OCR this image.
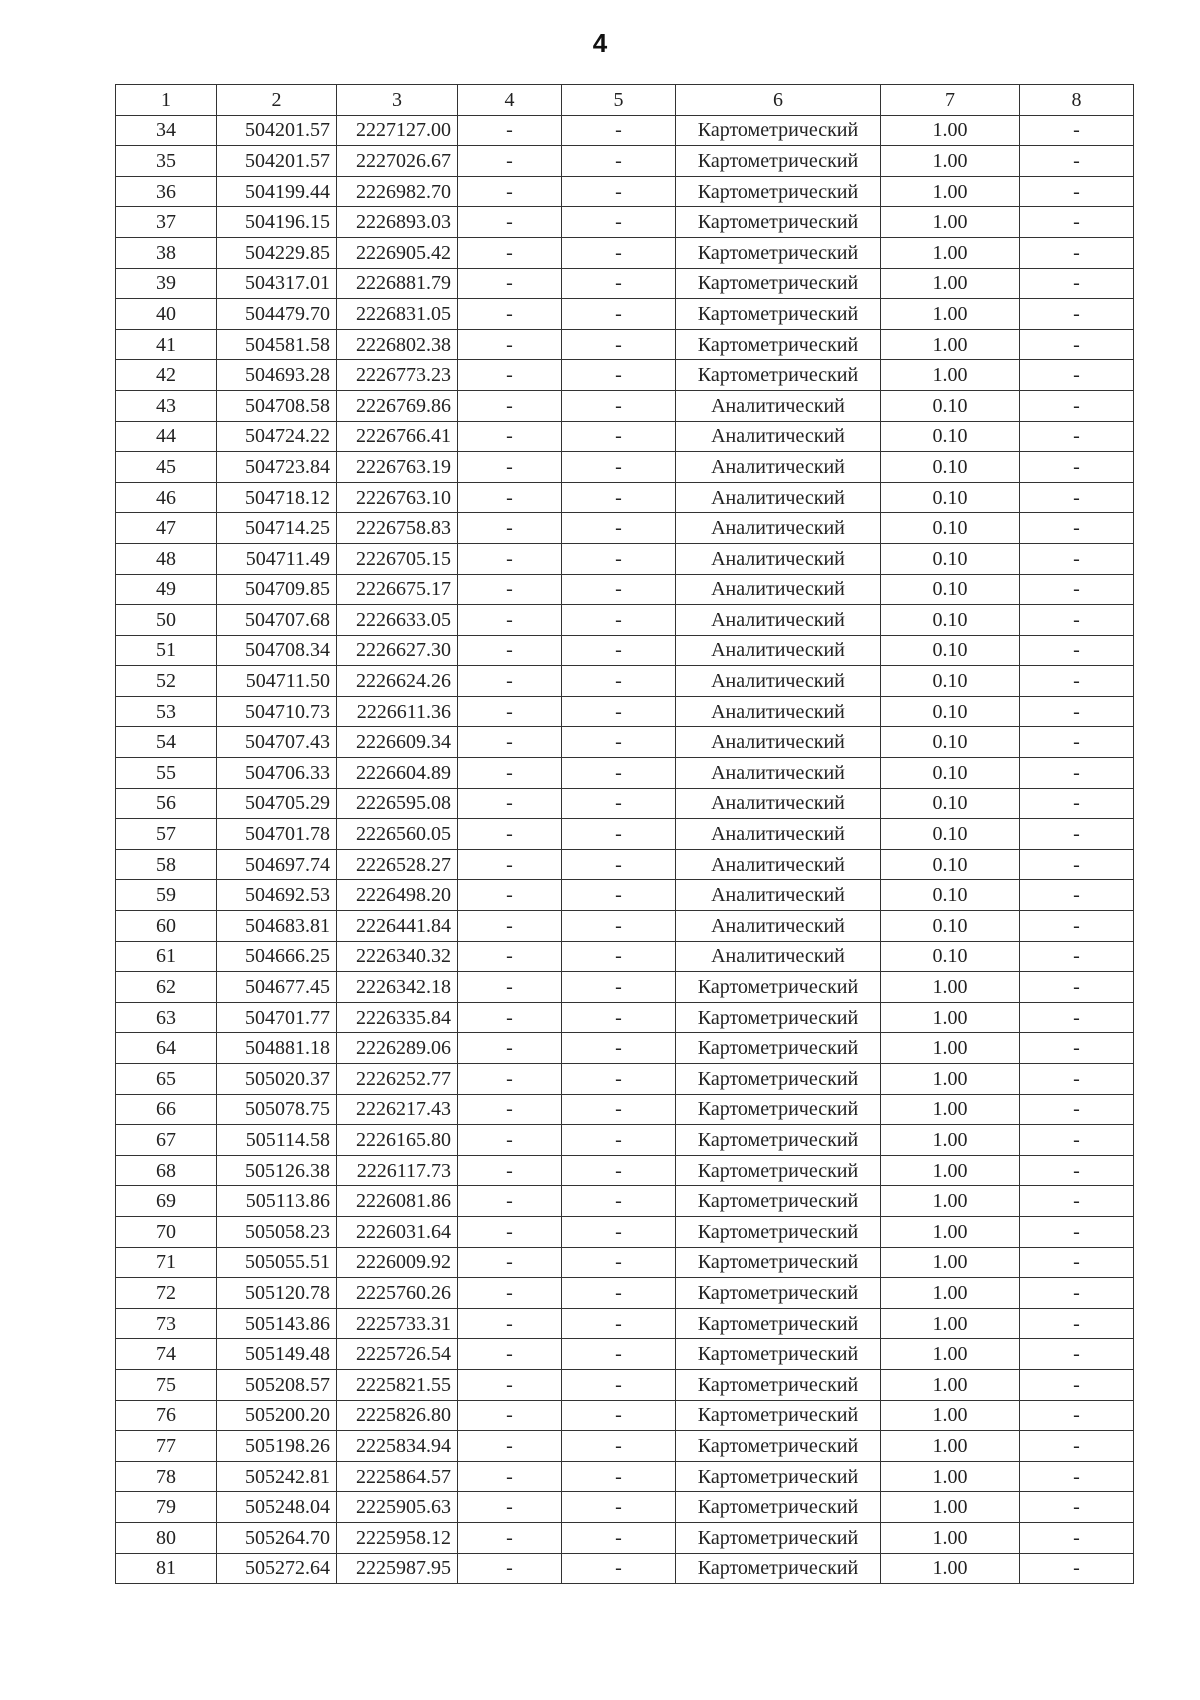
4
1	2	3	4	5	6	7	8
34	504201.57	2227127.00	-	-	Картометрический	1.00	-
35	504201.57	2227026.67	-	-	Картометрический	1.00	-
36	504199.44	2226982.70	-	-	Картометрический	1.00	-
37	504196.15	2226893.03	-	-	Картометрический	1.00	-
38	504229.85	2226905.42	-	-	Картометрический	1.00	-
39	504317.01	2226881.79	-	-	Картометрический	1.00	-
40	504479.70	2226831.05	-	-	Картометрический	1.00	-
41	504581.58	2226802.38	-	-	Картометрический	1.00	-
42	504693.28	2226773.23	-	-	Картометрический	1.00	-
43	504708.58	2226769.86	-	-	Аналитический	0.10	-
44	504724.22	2226766.41	-	-	Аналитический	0.10	-
45	504723.84	2226763.19	-	-	Аналитический	0.10	-
46	504718.12	2226763.10	-	-	Аналитический	0.10	-
47	504714.25	2226758.83	-	-	Аналитический	0.10	-
48	504711.49	2226705.15	-	-	Аналитический	0.10	-
49	504709.85	2226675.17	-	-	Аналитический	0.10	-
50	504707.68	2226633.05	-	-	Аналитический	0.10	-
51	504708.34	2226627.30	-	-	Аналитический	0.10	-
52	504711.50	2226624.26	-	-	Аналитический	0.10	-
53	504710.73	2226611.36	-	-	Аналитический	0.10	-
54	504707.43	2226609.34	-	-	Аналитический	0.10	-
55	504706.33	2226604.89	-	-	Аналитический	0.10	-
56	504705.29	2226595.08	-	-	Аналитический	0.10	-
57	504701.78	2226560.05	-	-	Аналитический	0.10	-
58	504697.74	2226528.27	-	-	Аналитический	0.10	-
59	504692.53	2226498.20	-	-	Аналитический	0.10	-
60	504683.81	2226441.84	-	-	Аналитический	0.10	-
61	504666.25	2226340.32	-	-	Аналитический	0.10	-
62	504677.45	2226342.18	-	-	Картометрический	1.00	-
63	504701.77	2226335.84	-	-	Картометрический	1.00	-
64	504881.18	2226289.06	-	-	Картометрический	1.00	-
65	505020.37	2226252.77	-	-	Картометрический	1.00	-
66	505078.75	2226217.43	-	-	Картометрический	1.00	-
67	505114.58	2226165.80	-	-	Картометрический	1.00	-
68	505126.38	2226117.73	-	-	Картометрический	1.00	-
69	505113.86	2226081.86	-	-	Картометрический	1.00	-
70	505058.23	2226031.64	-	-	Картометрический	1.00	-
71	505055.51	2226009.92	-	-	Картометрический	1.00	-
72	505120.78	2225760.26	-	-	Картометрический	1.00	-
73	505143.86	2225733.31	-	-	Картометрический	1.00	-
74	505149.48	2225726.54	-	-	Картометрический	1.00	-
75	505208.57	2225821.55	-	-	Картометрический	1.00	-
76	505200.20	2225826.80	-	-	Картометрический	1.00	-
77	505198.26	2225834.94	-	-	Картометрический	1.00	-
78	505242.81	2225864.57	-	-	Картометрический	1.00	-
79	505248.04	2225905.63	-	-	Картометрический	1.00	-
80	505264.70	2225958.12	-	-	Картометрический	1.00	-
81	505272.64	2225987.95	-	-	Картометрический	1.00	-
